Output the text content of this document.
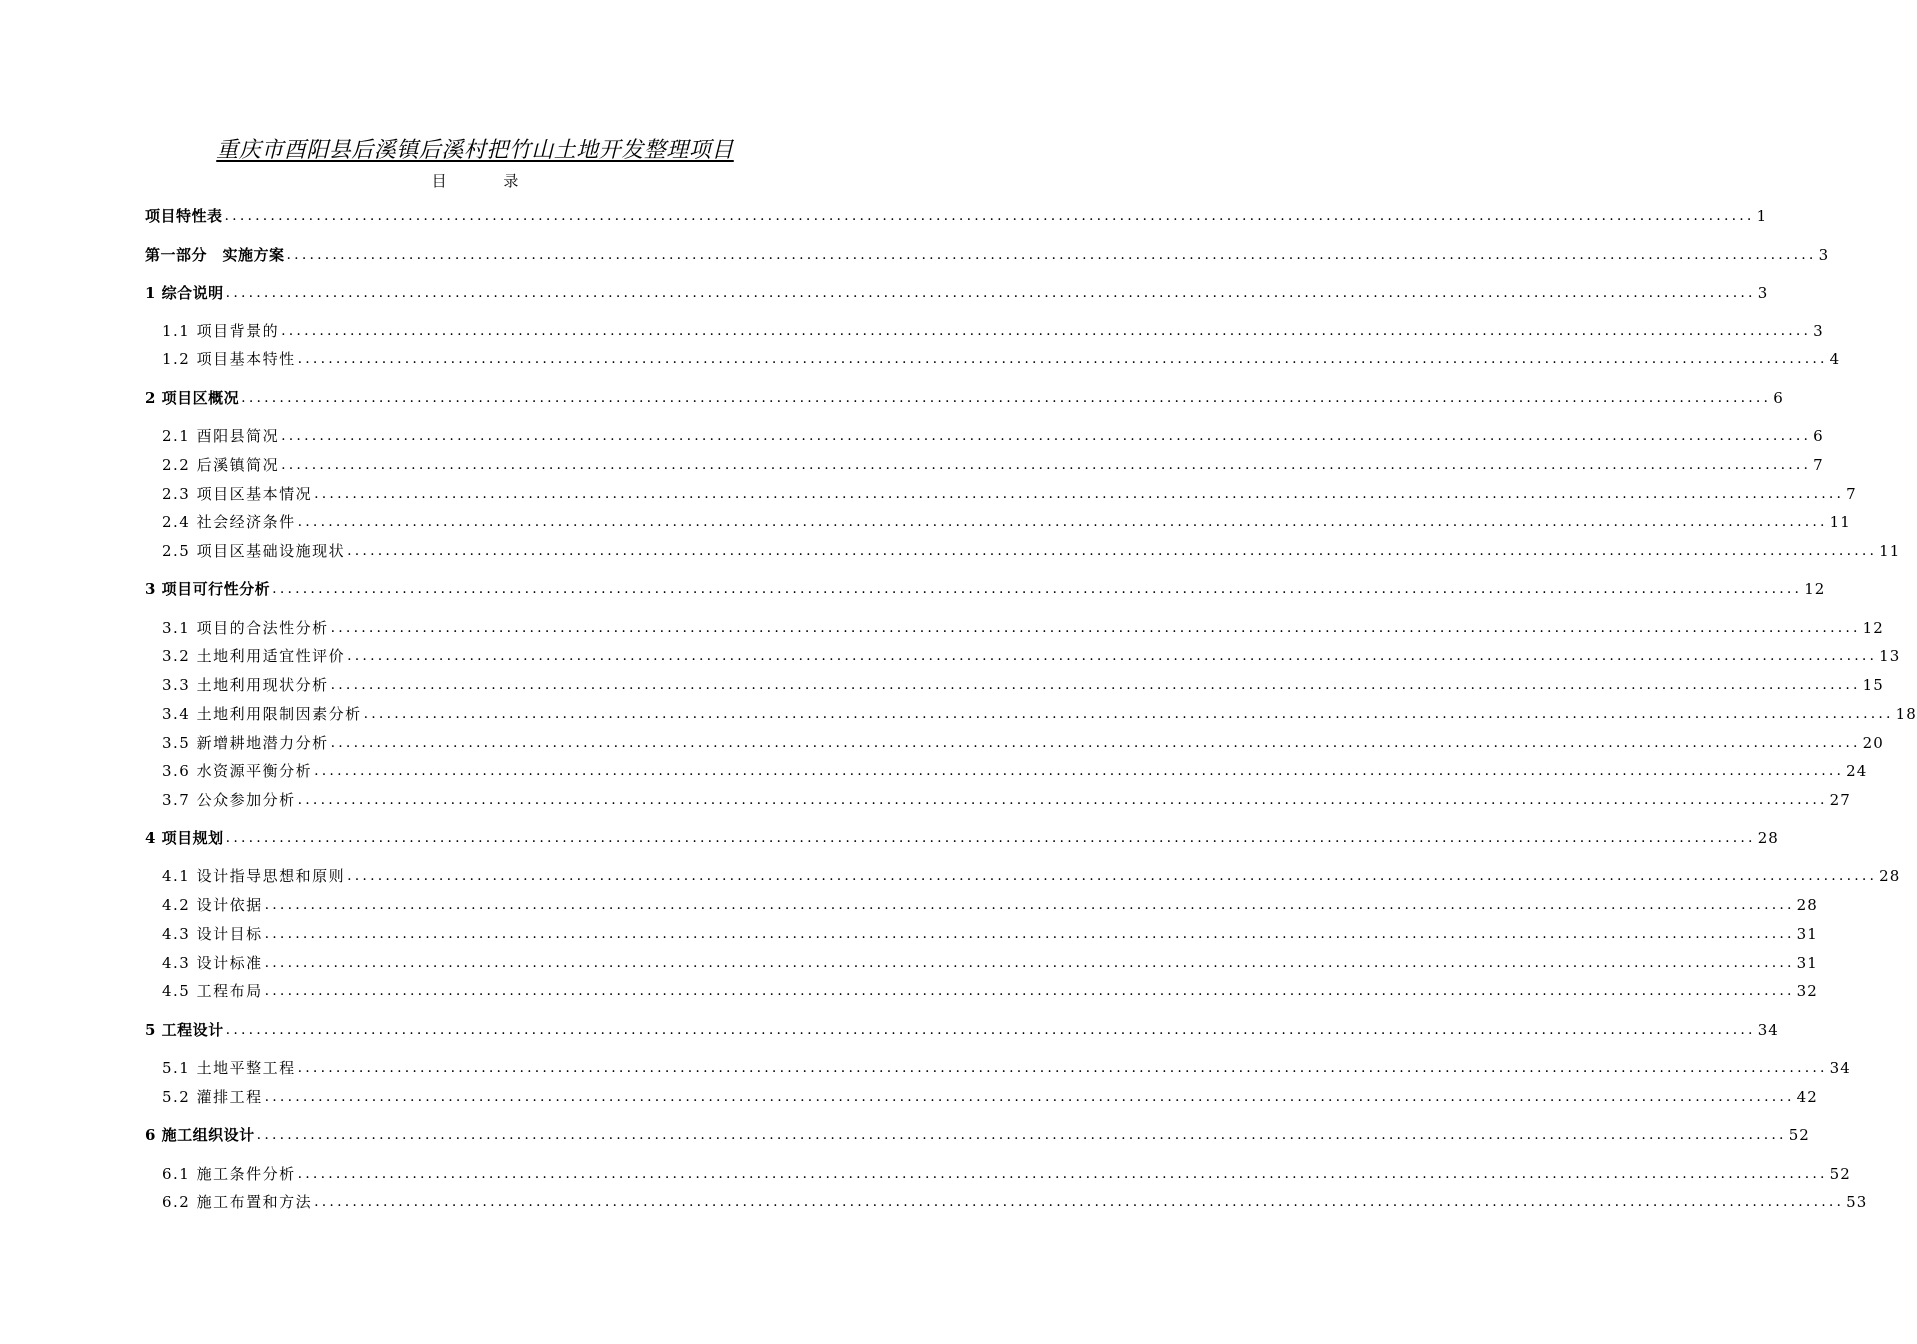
重庆市酉阳县后溪镇后溪村把竹山土地开发整理项目
目 录
项目特性表 ........................................................................................................................................................................................................ 1
第一部分　实施方案 ........................................................................................................................................................................................................ 3
1 综合说明 ........................................................................................................................................................................................................ 3
1.1 项目背景的 ........................................................................................................................................................................................................ 3
1.2 项目基本特性 ........................................................................................................................................................................................................ 4
2 项目区概况 ........................................................................................................................................................................................................ 6
2.1 酉阳县简况 ........................................................................................................................................................................................................ 6
2.2 后溪镇简况 ........................................................................................................................................................................................................ 7
2.3 项目区基本情况 ........................................................................................................................................................................................................ 7
2.4 社会经济条件 ........................................................................................................................................................................................................ 11
2.5 项目区基础设施现状 ........................................................................................................................................................................................................ 11
3 项目可行性分析 ........................................................................................................................................................................................................ 12
3.1 项目的合法性分析 ........................................................................................................................................................................................................ 12
3.2 土地利用适宜性评价 ........................................................................................................................................................................................................ 13
3.3 土地利用现状分析 ........................................................................................................................................................................................................ 15
3.4 土地利用限制因素分析 ........................................................................................................................................................................................................ 18
3.5 新增耕地潜力分析 ........................................................................................................................................................................................................ 20
3.6 水资源平衡分析 ........................................................................................................................................................................................................ 24
3.7 公众参加分析 ........................................................................................................................................................................................................ 27
4 项目规划 ........................................................................................................................................................................................................ 28
4.1 设计指导思想和原则 ........................................................................................................................................................................................................ 28
4.2 设计依据 ........................................................................................................................................................................................................ 28
4.3 设计目标 ........................................................................................................................................................................................................ 31
4.3 设计标准 ........................................................................................................................................................................................................ 31
4.5 工程布局 ........................................................................................................................................................................................................ 32
5 工程设计 ........................................................................................................................................................................................................ 34
5.1 土地平整工程 ........................................................................................................................................................................................................ 34
5.2 灌排工程 ........................................................................................................................................................................................................ 42
6 施工组织设计 ........................................................................................................................................................................................................ 52
6.1 施工条件分析 ........................................................................................................................................................................................................ 52
6.2 施工布置和方法 ........................................................................................................................................................................................................ 53
